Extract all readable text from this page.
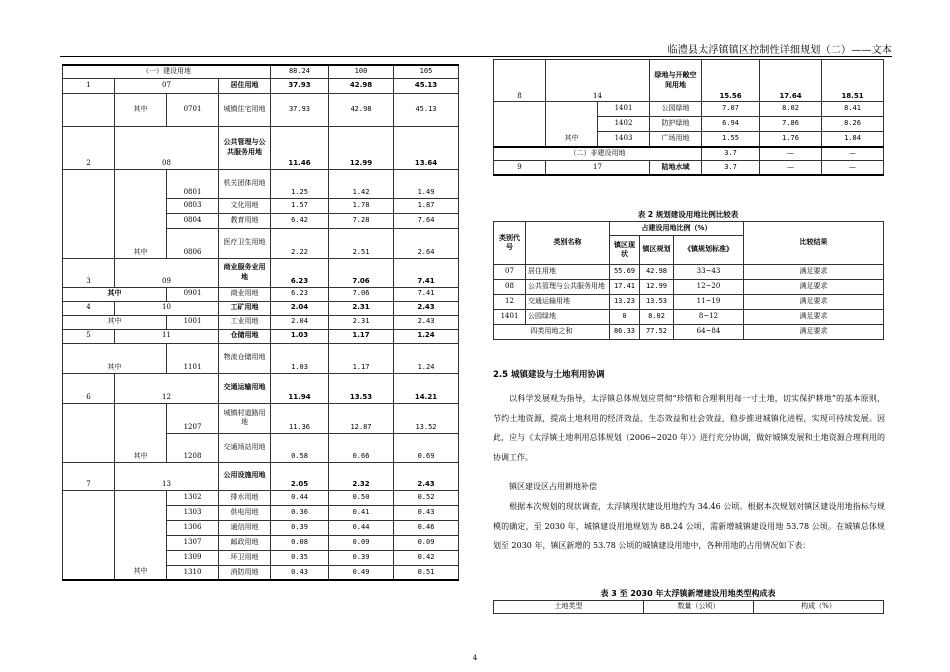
临澧县太浮镇镇区控制性详细规划（二）——文本
（一）建设用地				88.24	100	105
1	07		居住用地	37.93	42.98	45.13
	其中	0701	城镇住宅用地	37.93	42.98	45.13
2	08		公共管理与公共服务用地	11.46	12.99	13.64
		0801	机关团体用地	1.25	1.42	1.49
		0803	文化用地	1.57	1.78	1.87
		0804	教育用地	6.42	7.28	7.64
	其中	0806	医疗卫生用地	2.22	2.51	2.64
3	09		商业服务业用地	6.23	7.06	7.41
其中		0901	商业用地	6.23	7.06	7.41
4	10		工矿用地	2.04	2.31	2.43
其中		1001	工业用地	2.04	2.31	2.43
5	11		仓储用地	1.03	1.17	1.24
其中		1101	物流仓储用地	1.03	1.17	1.24
6	12		交通运输用地	11.94	13.53	14.21
		1207	城镇村道路用地	11.36	12.87	13.52
	其中	1208	交通场站用地	0.58	0.66	0.69
7	13		公用设施用地	2.05	2.32	2.43
		1302	排水用地	0.44	0.50	0.52
		1303	供电用地	0.36	0.41	0.43
		1306	通信用地	0.39	0.44	0.46
		1307	邮政用地	0.08	0.09	0.09
		1309	环卫用地	0.35	0.39	0.42
	其中	1310	消防用地	0.43	0.49	0.51
8	14		绿地与开敞空间用地	15.56	17.64	18.51
		1401	公园绿地	7.07	8.02	8.41
		1402	防护绿地	6.94	7.86	8.26
	其中	1403	广场用地	1.55	1.76	1.84
（二）非建设用地				3.7	—	—
9	17		陆地水域	3.7	—	—
表 2 规划建设用地比例比较表
类别代号	类别名称	占建设用地比例（%）			比较结果
		镇区现状	镇区规划	《镇规划标准》	
07	居住用地	55.69	42.98	33~43	满足要求
08	公共管理与公共服务用地	17.41	12.99	12~20	满足要求
12	交通运输用地	13.23	13.53	11~19	满足要求
1401	公园绿地	0	8.02	8~12	满足要求
四类用地之和		86.33	77.52	64~84	满足要求
2.5 城镇建设与土地利用协调
以科学发展观为指导，太浮镇总体规划应贯彻“珍惜和合理利用每一寸土地，切实保护耕地”的基本原则，节约土地资源，提高土地利用的经济效益、生态效益和社会效益，稳步推进城镇化进程，实现可持续发展。因此，应与《太浮镇土地利用总体规划（2006~2020 年）》进行充分协调，做好城镇发展和土地资源合理利用的协调工作。
镇区建设区占用耕地补偿
根据本次规划的现状调查，太浮镇现状建设用地约为 34.46 公顷。根据本次规划对镇区建设用地指标与规模的确定，至 2030 年，城镇建设用地规划为 88.24 公顷，需新增城镇建设用地 53.78 公顷。在城镇总体规划至 2030 年，镇区新增的 53.78 公顷的城镇建设用地中，各种用地的占用情况如下表：
表 3 至 2030 年太浮镇新增建设用地类型构成表
土地类型	数量（公顷）	构成（%）
4
